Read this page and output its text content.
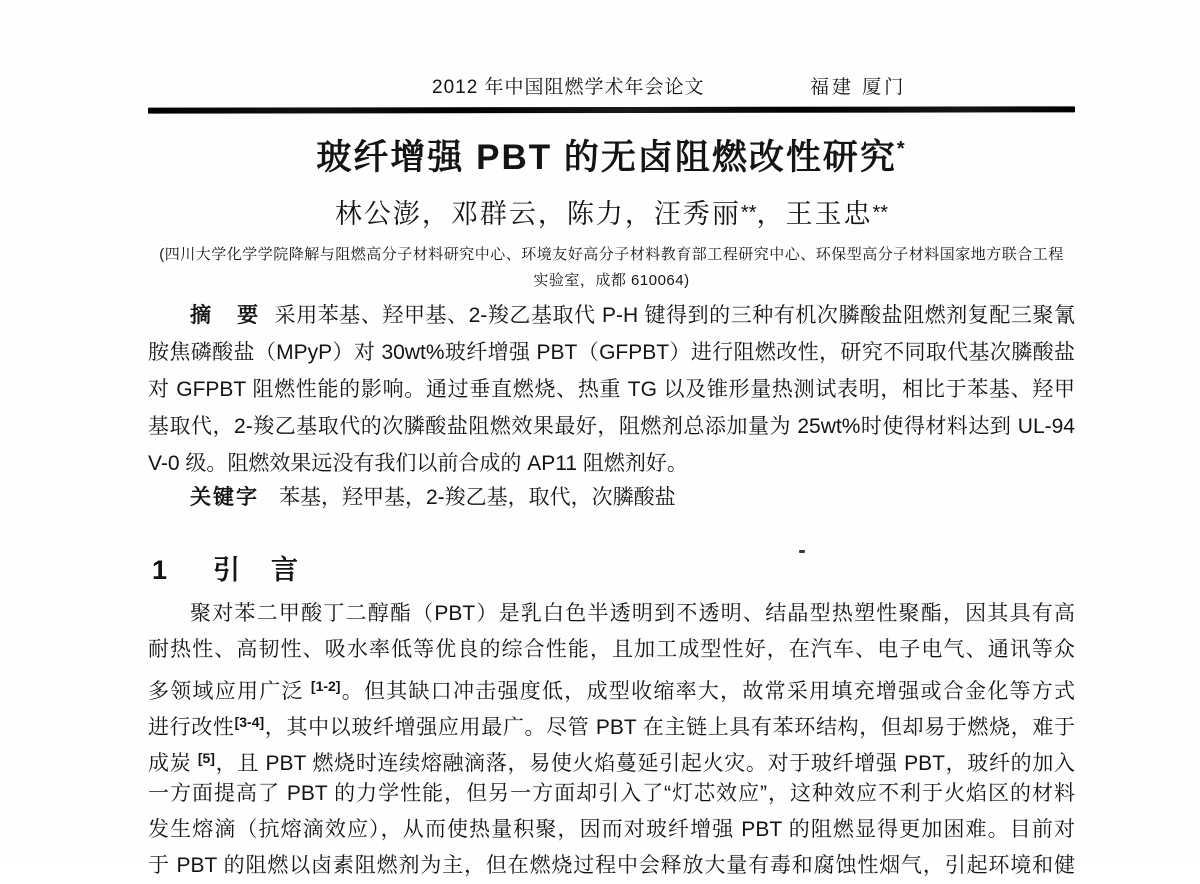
2012 年中国阻燃学术年会论文	福建 厦门
玻纤增强 PBT 的无卤阻燃改性研究*
林公澎，邓群云，陈力，汪秀丽**，王玉忠**
(四川大学化学学院降解与阻燃高分子材料研究中心、环境友好高分子材料教育部工程研究中心、环保型高分子材料国家地方联合工程
实验室，成都 610064)
摘　要 采用苯基、羟甲基、2-羧乙基取代 P-H 键得到的三种有机次膦酸盐阻燃剂复配三聚氰
胺焦磷酸盐（MPyP）对 30wt%玻纤增强 PBT（GFPBT）进行阻燃改性，研究不同取代基次膦酸盐
对 GFPBT 阻燃性能的影响。通过垂直燃烧、热重 TG 以及锥形量热测试表明，相比于苯基、羟甲
基取代，2-羧乙基取代的次膦酸盐阻燃效果最好，阻燃剂总添加量为 25wt%时使得材料达到 UL-94
V-0 级。阻燃效果远没有我们以前合成的 AP11 阻燃剂好。
关键字 苯基，羟甲基，2-羧乙基，取代，次膦酸盐
1 引　言
聚对苯二甲酸丁二醇酯（PBT）是乳白色半透明到不透明、结晶型热塑性聚酯，因其具有高
耐热性、高韧性、吸水率低等优良的综合性能，且加工成型性好，在汽车、电子电气、通讯等众
多领域应用广泛 [1-2]。但其缺口冲击强度低，成型收缩率大，故常采用填充增强或合金化等方式
进行改性[3-4]，其中以玻纤增强应用最广。尽管 PBT 在主链上具有苯环结构，但却易于燃烧，难于
成炭 [5]，且 PBT 燃烧时连续熔融滴落，易使火焰蔓延引起火灾。对于玻纤增强 PBT，玻纤的加入
一方面提高了 PBT 的力学性能，但另一方面却引入了“灯芯效应”，这种效应不利于火焰区的材料
发生熔滴（抗熔滴效应），从而使热量积聚，因而对玻纤增强 PBT 的阻燃显得更加困难。目前对
于 PBT 的阻燃以卤素阻燃剂为主，但在燃烧过程中会释放大量有毒和腐蚀性烟气，引起环境和健
